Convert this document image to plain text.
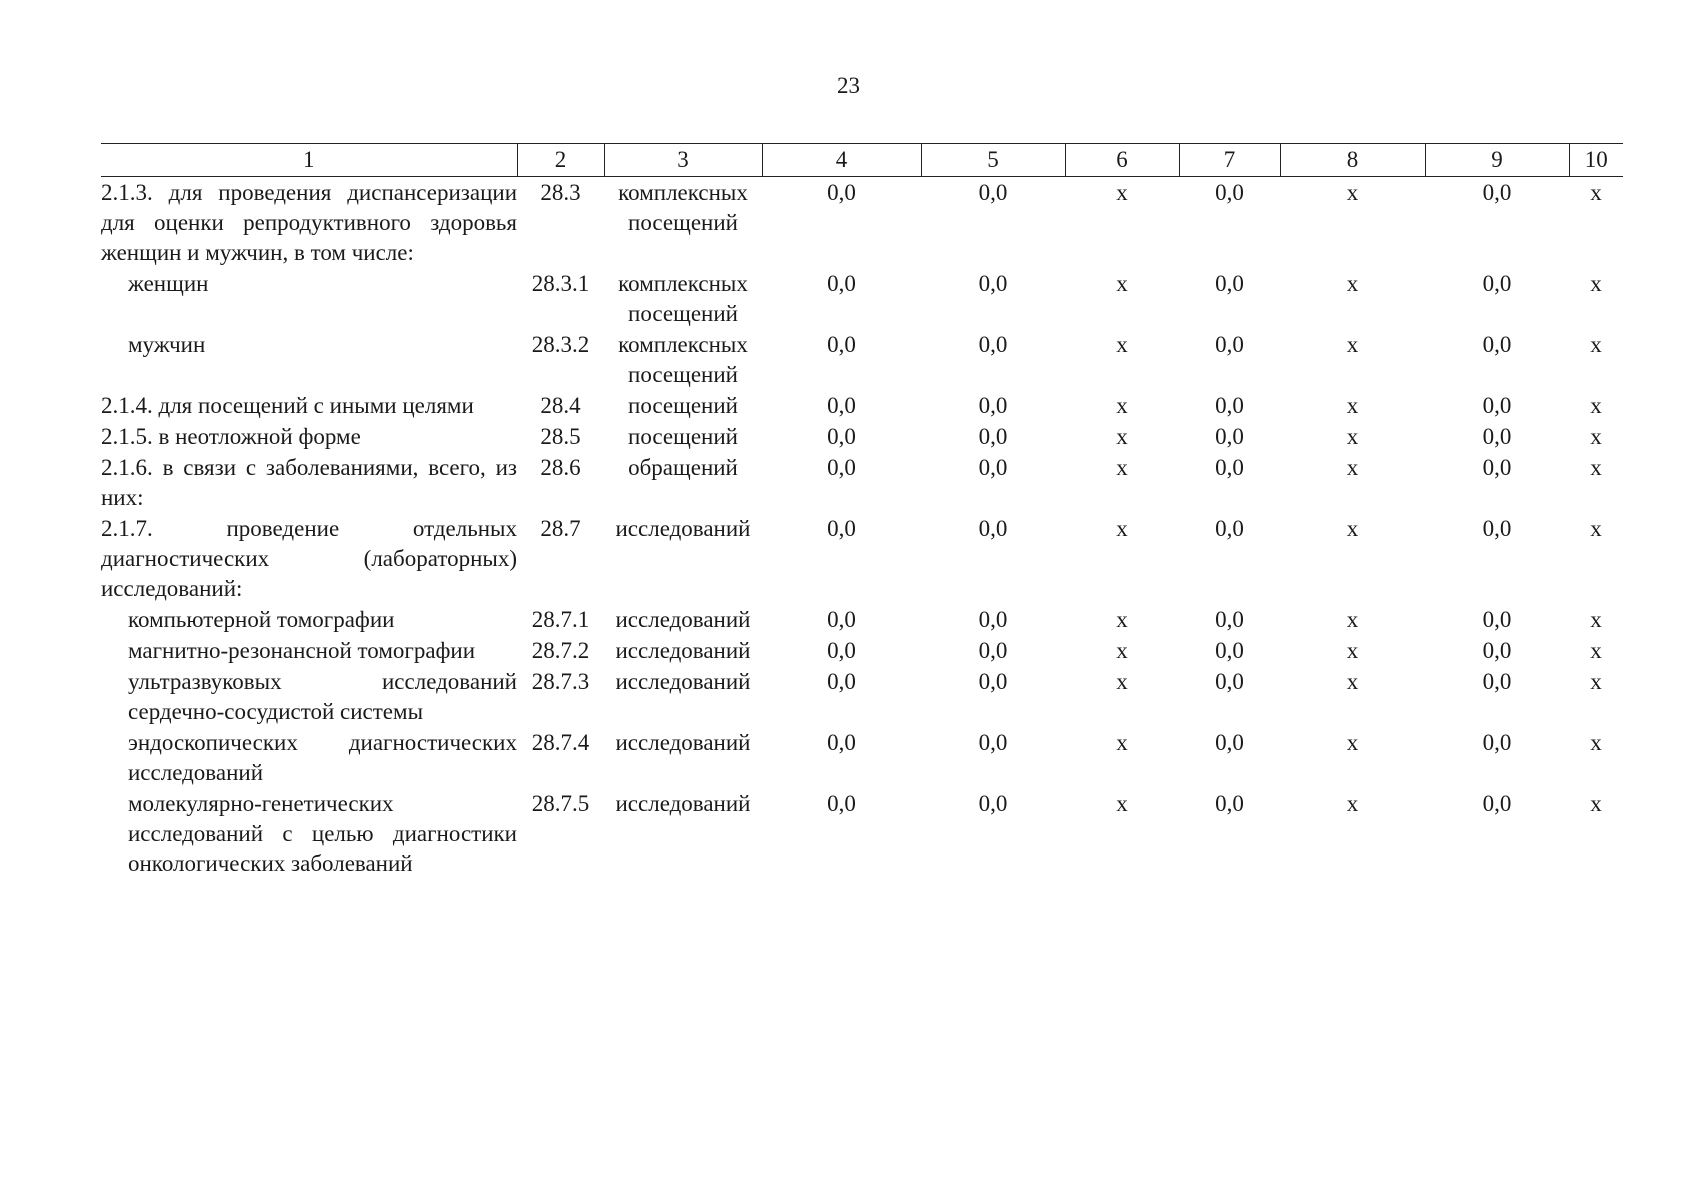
23
1	2	3	4	5	6	7	8	9	10
2.1.3. для проведения диспансеризации для оценки репродуктивного здоровья женщин и мужчин, в том числе:	28.3	комплексных посещений	0,0	0,0	х	0,0	х	0,0	х
женщин	28.3.1	комплексных посещений	0,0	0,0	х	0,0	х	0,0	х
мужчин	28.3.2	комплексных посещений	0,0	0,0	х	0,0	х	0,0	х
2.1.4. для посещений с иными целями	28.4	посещений	0,0	0,0	х	0,0	х	0,0	х
2.1.5. в неотложной форме	28.5	посещений	0,0	0,0	х	0,0	х	0,0	х
2.1.6. в связи с заболеваниями, всего, из них:	28.6	обращений	0,0	0,0	х	0,0	х	0,0	х
2.1.7. проведение отдельных диагностических (лабораторных) исследований:	28.7	исследований	0,0	0,0	х	0,0	х	0,0	х
компьютерной томографии	28.7.1	исследований	0,0	0,0	х	0,0	х	0,0	х
магнитно-резонансной томографии	28.7.2	исследований	0,0	0,0	х	0,0	х	0,0	х
ультразвуковых исследований сердечно-сосудистой системы	28.7.3	исследований	0,0	0,0	х	0,0	х	0,0	х
эндоскопических диагностических исследований	28.7.4	исследований	0,0	0,0	х	0,0	х	0,0	х
молекулярно-генетических исследований с целью диагностики онкологических заболеваний	28.7.5	исследований	0,0	0,0	х	0,0	х	0,0	х
